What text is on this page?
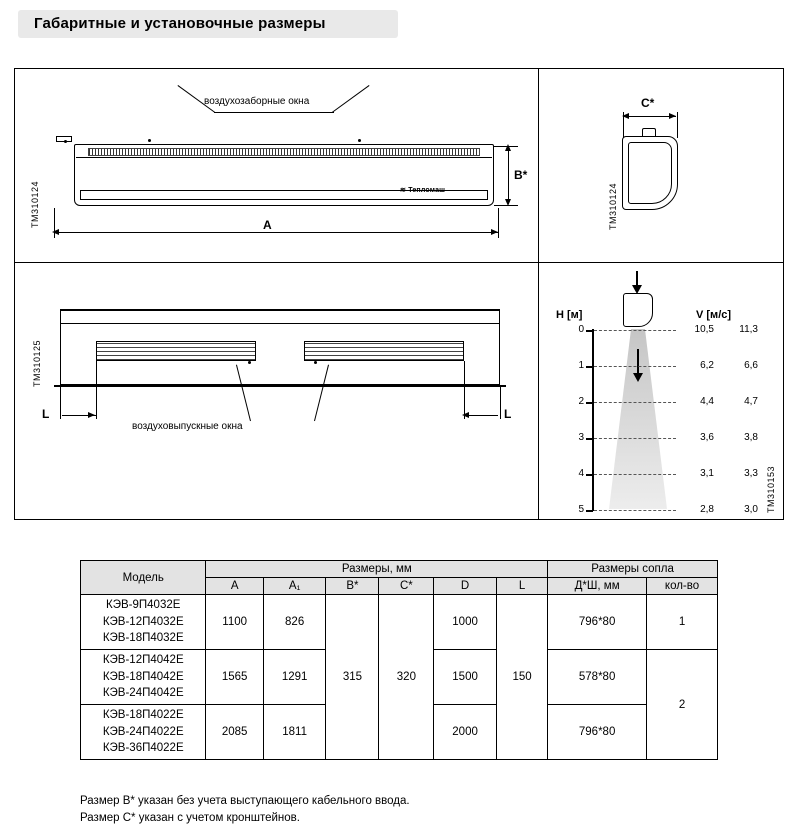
Габаритные и установочные размеры
TM310124
воздухозаборные окна
≋ Тепломаш
B*
A	TM310124
C*
TM310125
воздуховыпускные окна
L	L
TM310153
H [м]	V [м/c]
0	10,5	11,3
1	6,2	6,6
2	4,4	4,7
3	3,6	3,8
4	3,1	3,3
5	2,8	3,0
Модель	Размеры, мм						Размеры сопла	
	A	A₁	B*	C*	D	L	Д*Ш, мм	кол-во

КЭВ-9П4032Е
КЭВ-12П4032Е
КЭВ-18П4032Е	1100	826	315	320	1000	150	796*80	1

КЭВ-12П4042Е
КЭВ-18П4042Е
КЭВ-24П4042Е	1565	1291			1500		578*80	2

КЭВ-18П4022Е
КЭВ-24П4022Е
КЭВ-36П4022Е	2085	1811			2000		796*80	
Размер B* указан без учета выступающего кабельного ввода.
Размер C* указан с учетом кронштейнов.
